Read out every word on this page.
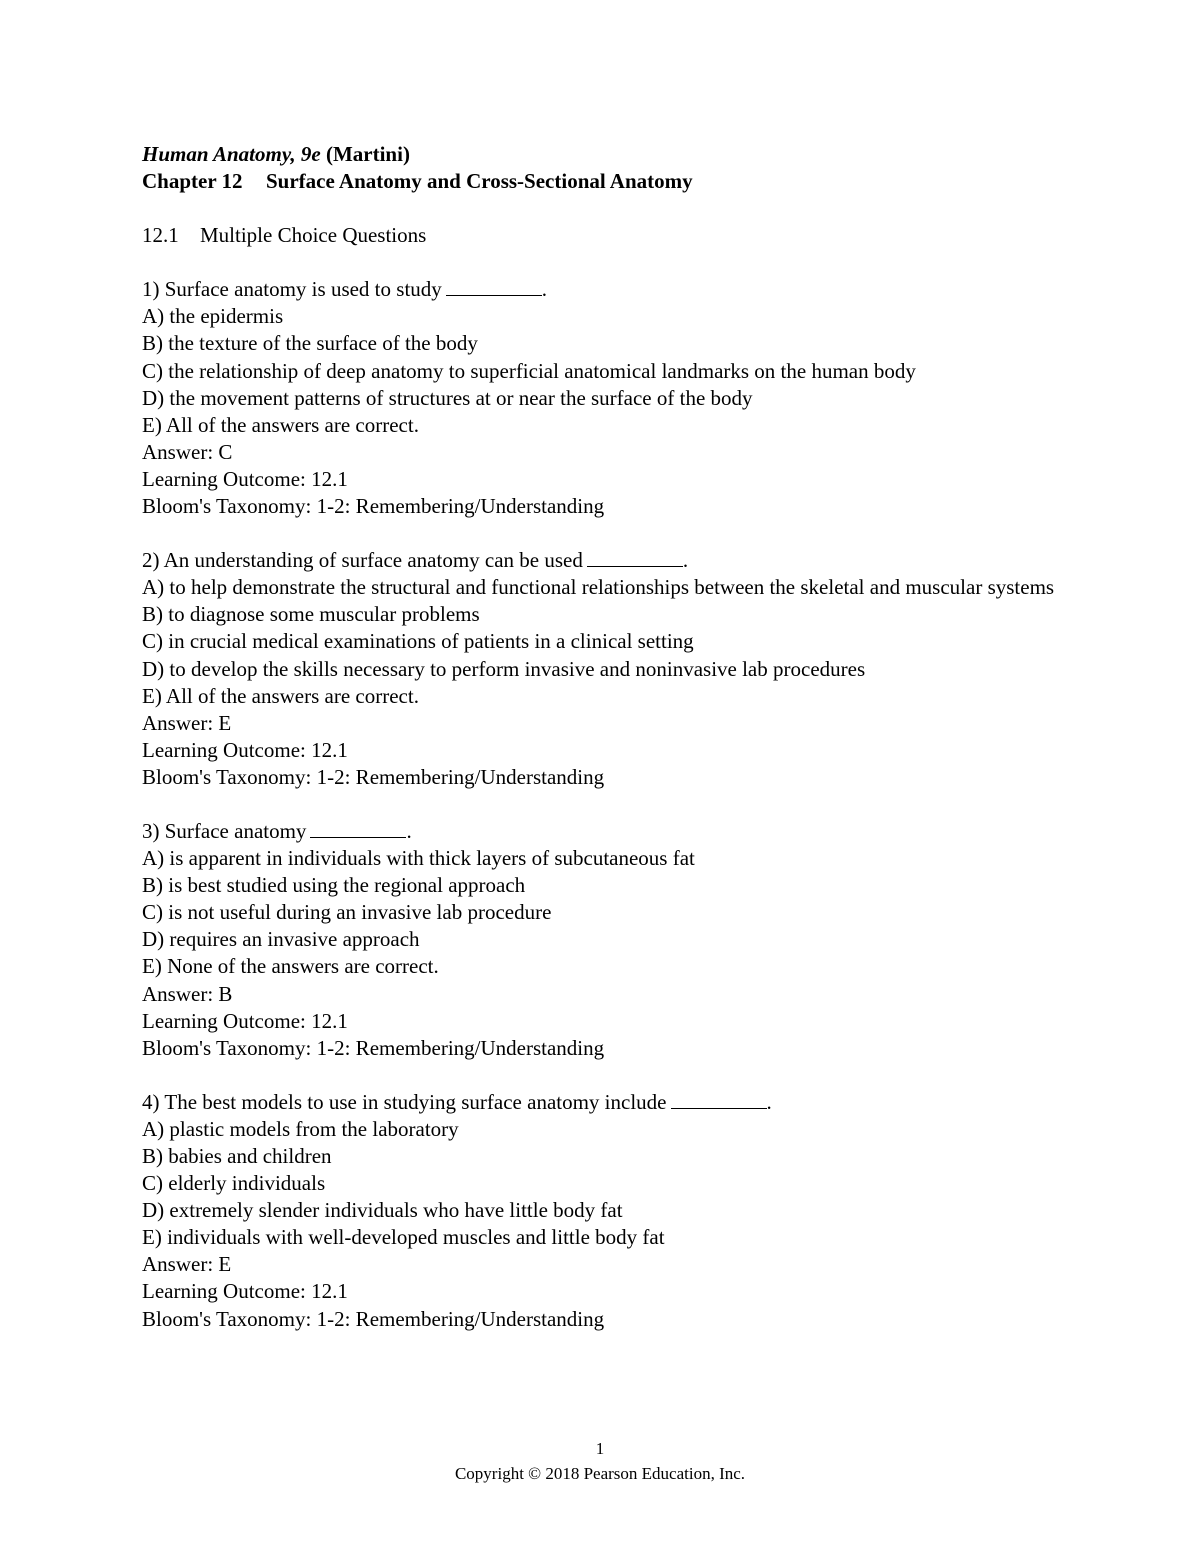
Human Anatomy, 9e (Martini)
Chapter 12 Surface Anatomy and Cross-Sectional Anatomy
12.1 Multiple Choice Questions
1) Surface anatomy is used to study	.
A) the epidermis
B) the texture of the surface of the body
C) the relationship of deep anatomy to superficial anatomical landmarks on the human body
D) the movement patterns of structures at or near the surface of the body
E) All of the answers are correct.
Answer: C
Learning Outcome: 12.1
Bloom's Taxonomy: 1-2: Remembering/Understanding
2) An understanding of surface anatomy can be used	.
A) to help demonstrate the structural and functional relationships between the skeletal and muscular systems
B) to diagnose some muscular problems
C) in crucial medical examinations of patients in a clinical setting
D) to develop the skills necessary to perform invasive and noninvasive lab procedures
E) All of the answers are correct.
Answer: E
Learning Outcome: 12.1
Bloom's Taxonomy: 1-2: Remembering/Understanding
3) Surface anatomy	.
A) is apparent in individuals with thick layers of subcutaneous fat
B) is best studied using the regional approach
C) is not useful during an invasive lab procedure
D) requires an invasive approach
E) None of the answers are correct.
Answer: B
Learning Outcome: 12.1
Bloom's Taxonomy: 1-2: Remembering/Understanding
4) The best models to use in studying surface anatomy include	.
A) plastic models from the laboratory
B) babies and children
C) elderly individuals
D) extremely slender individuals who have little body fat
E) individuals with well-developed muscles and little body fat
Answer: E
Learning Outcome: 12.1
Bloom's Taxonomy: 1-2: Remembering/Understanding
1
Copyright © 2018 Pearson Education, Inc.
